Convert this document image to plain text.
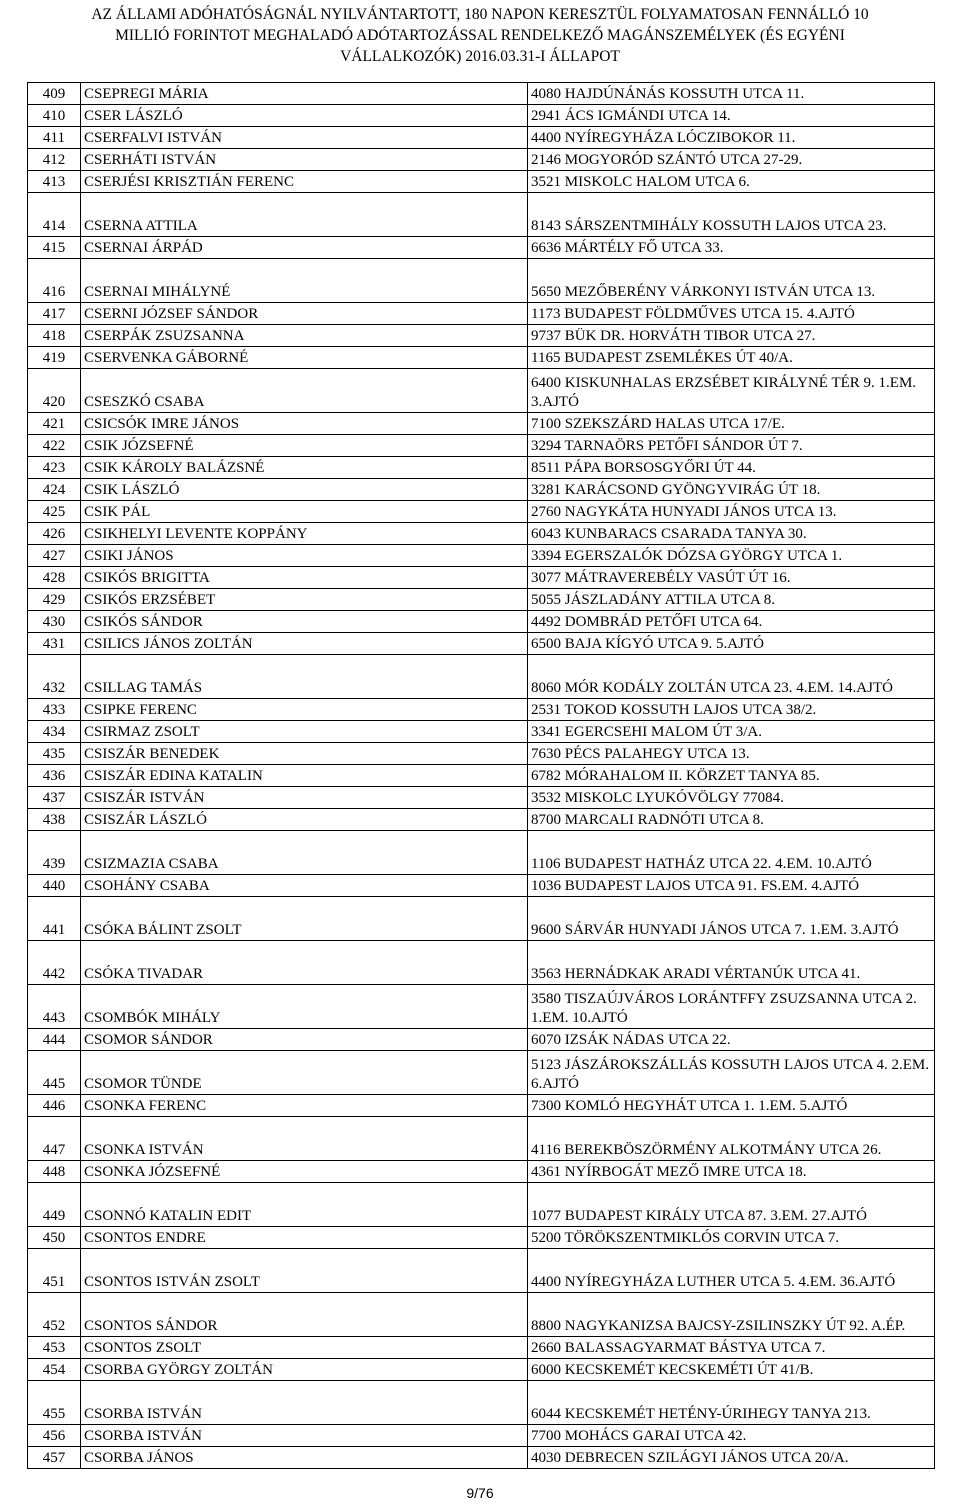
AZ ÁLLAMI ADÓHATÓSÁGNÁL NYILVÁNTARTOTT, 180 NAPON KERESZTÜL FOLYAMATOSAN FENNÁLLÓ 10
MILLIÓ FORINTOT MEGHALADÓ ADÓTARTOZÁSSAL RENDELKEZŐ MAGÁNSZEMÉLYEK (ÉS EGYÉNI
VÁLLALKOZÓK) 2016.03.31-I ÁLLAPOT
409	CSEPREGI MÁRIA	4080 HAJDÚNÁNÁS KOSSUTH UTCA 11.
410	CSER LÁSZLÓ	2941 ÁCS IGMÁNDI UTCA 14.
411	CSERFALVI ISTVÁN	4400 NYÍREGYHÁZA LÓCZIBOKOR 11.
412	CSERHÁTI ISTVÁN	2146 MOGYORÓD SZÁNTÓ UTCA 27-29.
413	CSERJÉSI KRISZTIÁN FERENC	3521 MISKOLC HALOM UTCA 6.
414	CSERNA ATTILA	8143 SÁRSZENTMIHÁLY KOSSUTH LAJOS UTCA 23.
415	CSERNAI ÁRPÁD	6636 MÁRTÉLY FŐ UTCA 33.
416	CSERNAI MIHÁLYNÉ	5650 MEZŐBERÉNY VÁRKONYI ISTVÁN UTCA 13.
417	CSERNI JÓZSEF SÁNDOR	1173 BUDAPEST FÖLDMŰVES UTCA 15. 4.AJTÓ
418	CSERPÁK ZSUZSANNA	9737 BÜK DR. HORVÁTH TIBOR UTCA 27.
419	CSERVENKA GÁBORNÉ	1165 BUDAPEST ZSEMLÉKES ÚT 40/A.
420	CSESZKÓ CSABA	6400 KISKUNHALAS ERZSÉBET KIRÁLYNÉ TÉR 9. 1.EM. 3.AJTÓ
421	CSICSÓK IMRE JÁNOS	7100 SZEKSZÁRD HALAS UTCA 17/E.
422	CSIK JÓZSEFNÉ	3294 TARNAÖRS PETŐFI SÁNDOR ÚT 7.
423	CSIK KÁROLY BALÁZSNÉ	8511 PÁPA BORSOSGYŐRI ÚT 44.
424	CSIK LÁSZLÓ	3281 KARÁCSOND GYÖNGYVIRÁG ÚT 18.
425	CSIK PÁL	2760 NAGYKÁTA HUNYADI JÁNOS UTCA 13.
426	CSIKHELYI LEVENTE KOPPÁNY	6043 KUNBARACS CSARADA TANYA 30.
427	CSIKI JÁNOS	3394 EGERSZALÓK DÓZSA GYÖRGY UTCA 1.
428	CSIKÓS BRIGITTA	3077 MÁTRAVEREBÉLY VASÚT ÚT 16.
429	CSIKÓS ERZSÉBET	5055 JÁSZLADÁNY ATTILA UTCA 8.
430	CSIKÓS SÁNDOR	4492 DOMBRÁD PETŐFI UTCA 64.
431	CSILICS JÁNOS ZOLTÁN	6500 BAJA KÍGYÓ UTCA 9. 5.AJTÓ
432	CSILLAG TAMÁS	8060 MÓR KODÁLY ZOLTÁN UTCA 23. 4.EM. 14.AJTÓ
433	CSIPKE FERENC	2531 TOKOD KOSSUTH LAJOS UTCA 38/2.
434	CSIRMAZ ZSOLT	3341 EGERCSEHI MALOM ÚT 3/A.
435	CSISZÁR BENEDEK	7630 PÉCS PALAHEGY UTCA 13.
436	CSISZÁR EDINA KATALIN	6782 MÓRAHALOM II. KÖRZET TANYA 85.
437	CSISZÁR ISTVÁN	3532 MISKOLC LYUKÓVÖLGY 77084.
438	CSISZÁR LÁSZLÓ	8700 MARCALI RADNÓTI UTCA 8.
439	CSIZMAZIA CSABA	1106 BUDAPEST HATHÁZ UTCA 22. 4.EM. 10.AJTÓ
440	CSOHÁNY CSABA	1036 BUDAPEST LAJOS UTCA 91. FS.EM. 4.AJTÓ
441	CSÓKA BÁLINT ZSOLT	9600 SÁRVÁR HUNYADI JÁNOS UTCA 7. 1.EM. 3.AJTÓ
442	CSÓKA TIVADAR	3563 HERNÁDKAK ARADI VÉRTANÚK UTCA 41.
443	CSOMBÓK MIHÁLY	3580 TISZAÚJVÁROS LORÁNTFFY ZSUZSANNA UTCA 2. 1.EM. 10.AJTÓ
444	CSOMOR SÁNDOR	6070 IZSÁK NÁDAS UTCA 22.
445	CSOMOR TÜNDE	5123 JÁSZÁROKSZÁLLÁS KOSSUTH LAJOS UTCA 4. 2.EM. 6.AJTÓ
446	CSONKA FERENC	7300 KOMLÓ HEGYHÁT UTCA 1. 1.EM. 5.AJTÓ
447	CSONKA ISTVÁN	4116 BEREKBÖSZÖRMÉNY ALKOTMÁNY UTCA 26.
448	CSONKA JÓZSEFNÉ	4361 NYÍRBOGÁT MEZŐ IMRE UTCA 18.
449	CSONNÓ KATALIN EDIT	1077 BUDAPEST KIRÁLY UTCA 87. 3.EM. 27.AJTÓ
450	CSONTOS ENDRE	5200 TÖRÖKSZENTMIKLÓS CORVIN UTCA 7.
451	CSONTOS ISTVÁN ZSOLT	4400 NYÍREGYHÁZA LUTHER UTCA 5. 4.EM. 36.AJTÓ
452	CSONTOS SÁNDOR	8800 NAGYKANIZSA BAJCSY-ZSILINSZKY ÚT 92. A.ÉP.
453	CSONTOS ZSOLT	2660 BALASSAGYARMAT BÁSTYA UTCA 7.
454	CSORBA GYÖRGY ZOLTÁN	6000 KECSKEMÉT KECSKEMÉTI ÚT 41/B.
455	CSORBA ISTVÁN	6044 KECSKEMÉT HETÉNY-ÚRIHEGY TANYA 213.
456	CSORBA ISTVÁN	7700 MOHÁCS GARAI UTCA 42.
457	CSORBA JÁNOS	4030 DEBRECEN SZILÁGYI JÁNOS UTCA 20/A.
9/76
